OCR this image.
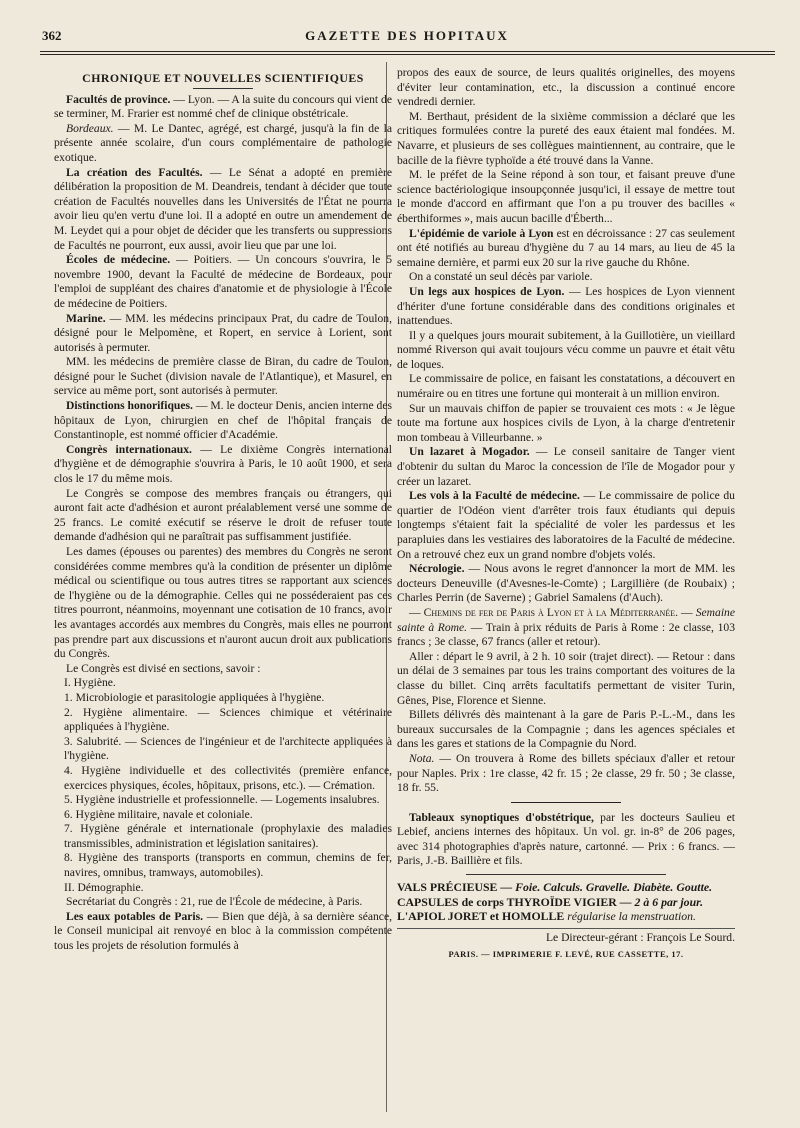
362	GAZETTE DES HOPITAUX
CHRONIQUE ET NOUVELLES SCIENTIFIQUES

Facultés de province. — Lyon. — A la suite du concours qui vient de se terminer, M. Frarier est nommé chef de clinique obstétricale.

Bordeaux. — M. Le Dantec, agrégé, est chargé, jusqu'à la fin de la présente année scolaire, d'un cours complémentaire de pathologie exotique.

La création des Facultés. — Le Sénat a adopté en première délibération la proposition de M. Deandreis, tendant à décider que toute création de Facultés nouvelles dans les Universités de l'État ne pourra avoir lieu qu'en vertu d'une loi. Il a adopté en outre un amendement de M. Leydet qui a pour objet de décider que les transferts ou suppressions de Facultés ne pourront, eux aussi, avoir lieu que par une loi.

Écoles de médecine. — Poitiers. — Un concours s'ouvrira, le 5 novembre 1900, devant la Faculté de médecine de Bordeaux, pour l'emploi de suppléant des chaires d'anatomie et de physiologie à l'École de médecine de Poitiers.

Marine. — MM. les médecins principaux Prat, du cadre de Toulon, désigné pour le Melpomène, et Ropert, en service à Lorient, sont autorisés à permuter.

MM. les médecins de première classe de Biran, du cadre de Toulon, désigné pour le Suchet (division navale de l'Atlantique), et Masurel, en service au même port, sont autorisés à permuter.

Distinctions honorifiques. — M. le docteur Denis, ancien interne des hôpitaux de Lyon, chirurgien en chef de l'hôpital français de Constantinople, est nommé officier d'Académie.

Congrès internationaux. — Le dixième Congrès international d'hygiène et de démographie s'ouvrira à Paris, le 10 août 1900, et sera clos le 17 du même mois.

Le Congrès se compose des membres français ou étrangers, qui auront fait acte d'adhésion et auront préalablement versé une somme de 25 francs. Le comité exécutif se réserve le droit de refuser toute demande d'adhésion qui ne paraîtrait pas suffisamment justifiée.

Les dames (épouses ou parentes) des membres du Congrès ne seront considérées comme membres qu'à la condition de présenter un diplôme médical ou scientifique ou tous autres titres se rapportant aux sciences de l'hygiène ou de la démographie. Celles qui ne posséderaient pas ces titres pourront, néanmoins, moyennant une cotisation de 10 francs, avoir les avantages accordés aux membres du Congrès, mais elles ne pourront pas prendre part aux discussions et n'auront aucun droit aux publications du Congrès.

Le Congrès est divisé en sections, savoir :

I. Hygiène.

1. Microbiologie et parasitologie appliquées à l'hygiène.

2. Hygiène alimentaire. — Sciences chimique et vétérinaire appliquées à l'hygiène.

3. Salubrité. — Sciences de l'ingénieur et de l'architecte appliquées à l'hygiène.

4. Hygiène individuelle et des collectivités (première enfance, exercices physiques, écoles, hôpitaux, prisons, etc.). — Crémation.

5. Hygiène industrielle et professionnelle. — Logements insalubres.

6. Hygiène militaire, navale et coloniale.

7. Hygiène générale et internationale (prophylaxie des maladies transmissibles, administration et législation sanitaires).

8. Hygiène des transports (transports en commun, chemins de fer, navires, omnibus, tramways, automobiles).

II. Démographie.

Secrétariat du Congrès : 21, rue de l'École de médecine, à Paris.

Les eaux potables de Paris. — Bien que déjà, à sa dernière séance, le Conseil municipal ait renvoyé en bloc à la commission compétente tous les projets de résolution formulés à

propos des eaux de source, de leurs qualités originelles, des moyens d'éviter leur contamination, etc., la discussion a continué encore vendredi dernier.

M. Berthaut, président de la sixième commission a déclaré que les critiques formulées contre la pureté des eaux étaient mal fondées. M. Navarre, et plusieurs de ses collègues maintiennent, au contraire, que le bacille de la fièvre typhoïde a été trouvé dans la Vanne.

M. le préfet de la Seine répond à son tour, et faisant preuve d'une science bactériologique insoupçonnée jusqu'ici, il essaye de mettre tout le monde d'accord en affirmant que l'on a pu trouver des bacilles « éberthiformes », mais aucun bacille d'Éberth...

L'épidémie de variole à Lyon est en décroissance : 27 cas seulement ont été notifiés au bureau d'hygiène du 7 au 14 mars, au lieu de 45 la semaine dernière, et parmi eux 20 sur la rive gauche du Rhône.

On a constaté un seul décès par variole.

Un legs aux hospices de Lyon. — Les hospices de Lyon viennent d'hériter d'une fortune considérable dans des conditions originales et inattendues.

Il y a quelques jours mourait subitement, à la Guillotière, un vieillard nommé Riverson qui avait toujours vécu comme un pauvre et était vêtu de loques.

Le commissaire de police, en faisant les constatations, a découvert en numéraire ou en titres une fortune qui monterait à un million environ.

Sur un mauvais chiffon de papier se trouvaient ces mots : « Je lègue toute ma fortune aux hospices civils de Lyon, à la charge d'entretenir mon tombeau à Villeurbanne. »

Un lazaret à Mogador. — Le conseil sanitaire de Tanger vient d'obtenir du sultan du Maroc la concession de l'île de Mogador pour y créer un lazaret.

Les vols à la Faculté de médecine. — Le commissaire de police du quartier de l'Odéon vient d'arrêter trois faux étudiants qui depuis longtemps s'étaient fait la spécialité de voler les pardessus et les parapluies dans les vestiaires des laboratoires de la Faculté de médecine. On a retrouvé chez eux un grand nombre d'objets volés.

Nécrologie. — Nous avons le regret d'annoncer la mort de MM. les docteurs Deneuville (d'Avesnes-le-Comte) ; Largillière (de Roubaix) ; Charles Perrin (de Saverne) ; Gabriel Samalens (d'Auch).

— Chemins de fer de Paris à Lyon et à la Méditerranée. — Semaine sainte à Rome. — Train à prix réduits de Paris à Rome : 2e classe, 103 francs ; 3e classe, 67 francs (aller et retour).

Aller : départ le 9 avril, à 2 h. 10 soir (trajet direct). — Retour : dans un délai de 3 semaines par tous les trains comportant des voitures de la classe du billet. Cinq arrêts facultatifs permettant de visiter Turin, Gênes, Pise, Florence et Sienne.

Billets délivrés dès maintenant à la gare de Paris P.-L.-M., dans les bureaux succursales de la Compagnie ; dans les agences spéciales et dans les gares et stations de la Compagnie du Nord.

Nota. — On trouvera à Rome des billets spéciaux d'aller et retour pour Naples. Prix : 1re classe, 42 fr. 15 ; 2e classe, 29 fr. 50 ; 3e classe, 18 fr. 55.

Tableaux synoptiques d'obstétrique, par les docteurs Saulieu et Lebief, anciens internes des hôpitaux. Un vol. gr. in-8° de 206 pages, avec 314 photographies d'après nature, cartonné. — Prix : 6 francs. — Paris, J.-B. Baillière et fils.

VALS PRÉCIEUSE — Foie. Calculs. Gravelle. Diabète. Goutte.

CAPSULES de corps THYROÏDE VIGIER — 2 à 6 par jour.

L'APIOL JORET et HOMOLLE régularise la menstruation.

Le Directeur-gérant : François Le Sourd.
PARIS. — IMPRIMERIE F. LEVÉ, RUE CASSETTE, 17.
